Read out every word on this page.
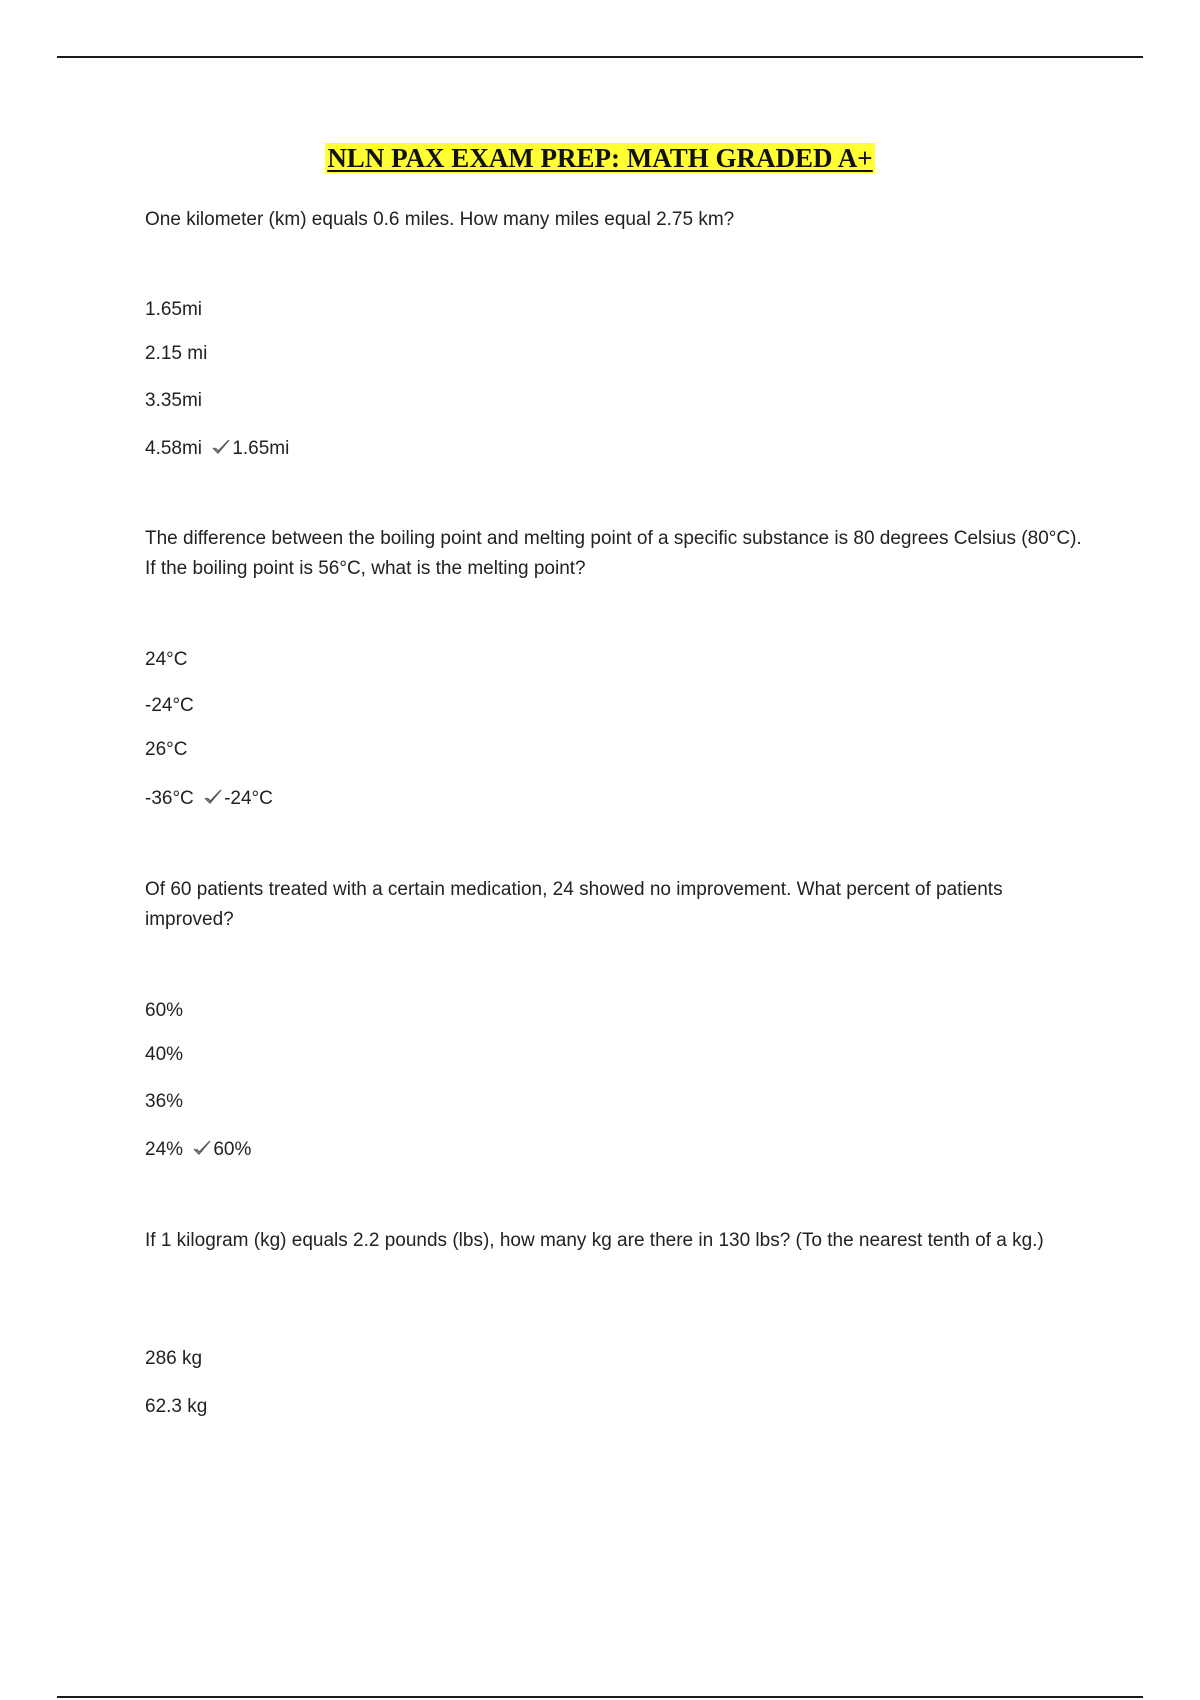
NLN PAX EXAM PREP: MATH GRADED A+
One kilometer (km) equals 0.6 miles. How many miles equal 2.75 km?
1.65mi
2.15 mi
3.35mi
4.58mi 1.65mi
The difference between the boiling point and melting point of a specific substance is 80 degrees Celsius (80°C). If the boiling point is 56°C, what is the melting point?
24°C
-24°C
26°C
-36°C -24°C
Of 60 patients treated with a certain medication, 24 showed no improvement. What percent of patients improved?
60%
40%
36%
24% 60%
If 1 kilogram (kg) equals 2.2 pounds (lbs), how many kg are there in 130 lbs? (To the nearest tenth of a kg.)
286 kg
62.3 kg
